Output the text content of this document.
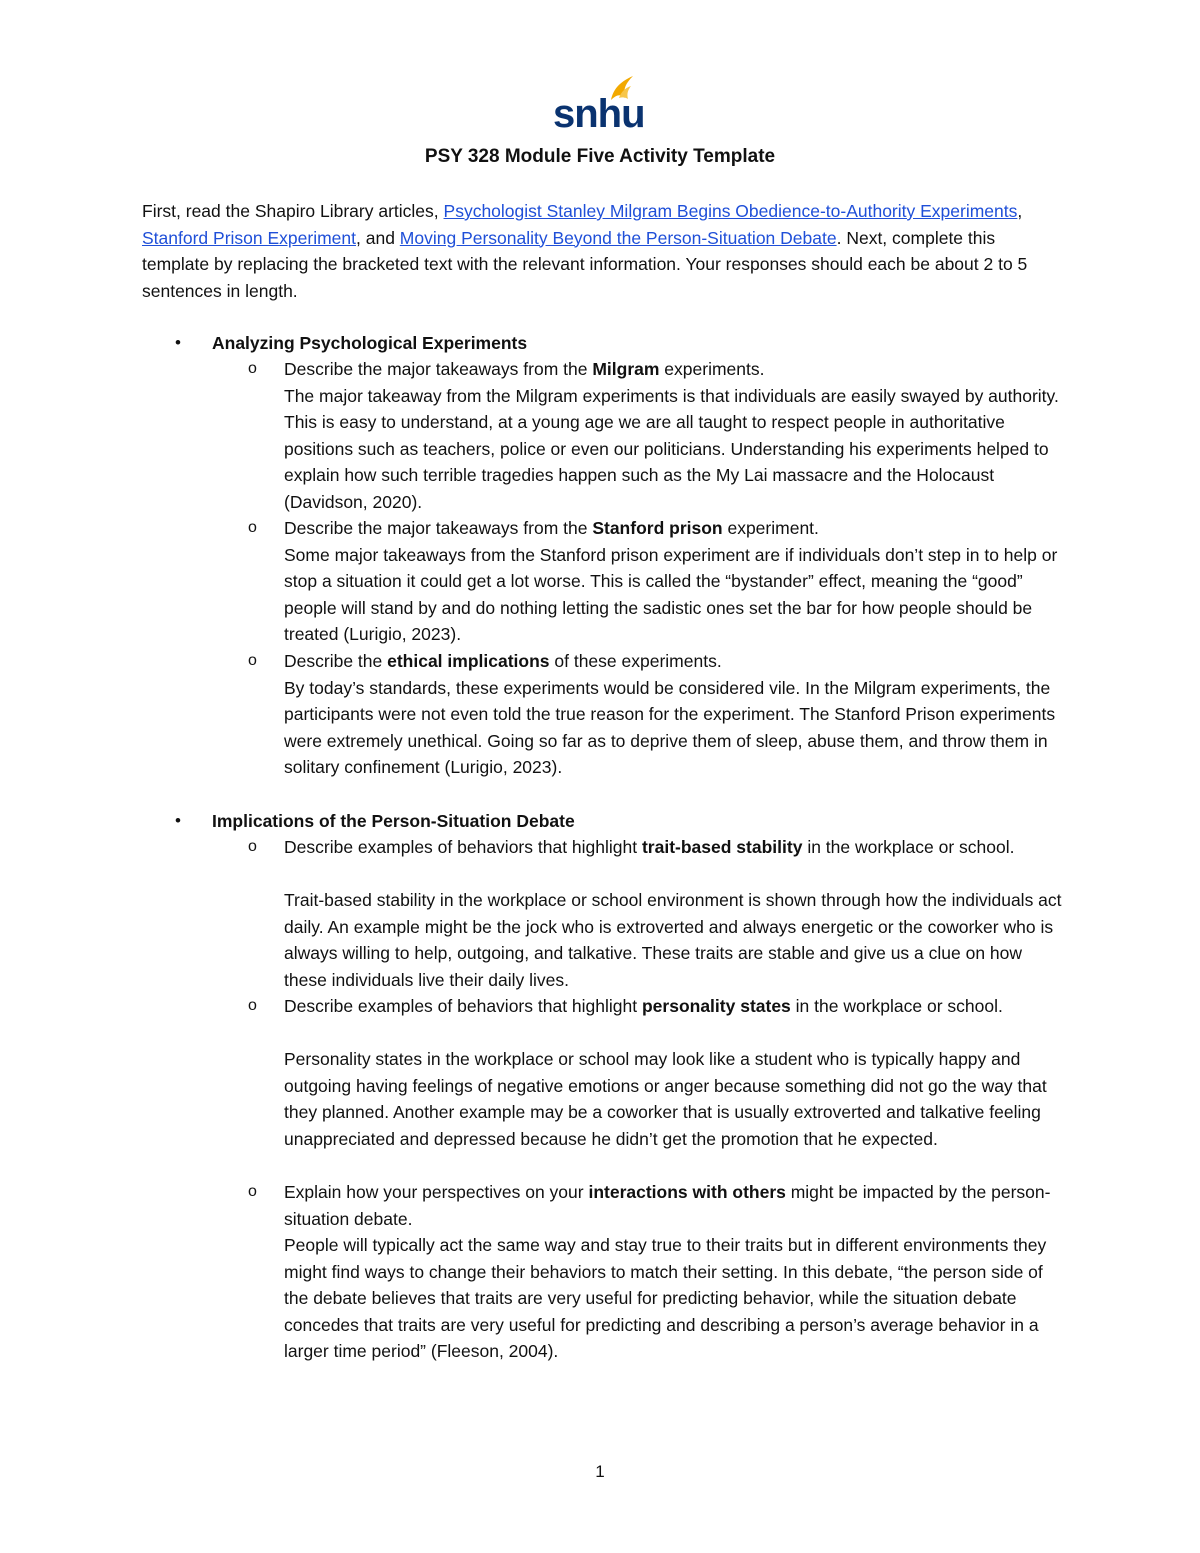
snhu
PSY 328 Module Five Activity Template
First, read the Shapiro Library articles, Psychologist Stanley Milgram Begins Obedience-to-Authority Experiments, Stanford Prison Experiment, and Moving Personality Beyond the Person-Situation Debate. Next, complete this template by replacing the bracketed text with the relevant information. Your responses should each be about 2 to 5 sentences in length.
• Analyzing Psychological Experiments
o Describe the major takeaways from the Milgram experiments.
The major takeaway from the Milgram experiments is that individuals are easily swayed by authority. This is easy to understand, at a young age we are all taught to respect people in authoritative positions such as teachers, police or even our politicians. Understanding his experiments helped to explain how such terrible tragedies happen such as the My Lai massacre and the Holocaust (Davidson, 2020).
o Describe the major takeaways from the Stanford prison experiment.
Some major takeaways from the Stanford prison experiment are if individuals don’t step in to help or stop a situation it could get a lot worse. This is called the “bystander” effect, meaning the “good” people will stand by and do nothing letting the sadistic ones set the bar for how people should be treated (Lurigio, 2023).
o Describe the ethical implications of these experiments.
By today’s standards, these experiments would be considered vile. In the Milgram experiments, the participants were not even told the true reason for the experiment. The Stanford Prison experiments were extremely unethical. Going so far as to deprive them of sleep, abuse them, and throw them in solitary confinement (Lurigio, 2023).
• Implications of the Person-Situation Debate
o Describe examples of behaviors that highlight trait-based stability in the workplace or school.
Trait-based stability in the workplace or school environment is shown through how the individuals act daily. An example might be the jock who is extroverted and always energetic or the coworker who is always willing to help, outgoing, and talkative. These traits are stable and give us a clue on how these individuals live their daily lives.
o Describe examples of behaviors that highlight personality states in the workplace or school.
Personality states in the workplace or school may look like a student who is typically happy and outgoing having feelings of negative emotions or anger because something did not go the way that they planned. Another example may be a coworker that is usually extroverted and talkative feeling unappreciated and depressed because he didn’t get the promotion that he expected.
o Explain how your perspectives on your interactions with others might be impacted by the person-situation debate.
People will typically act the same way and stay true to their traits but in different environments they might find ways to change their behaviors to match their setting. In this debate, “the person side of the debate believes that traits are very useful for predicting behavior, while the situation debate concedes that traits are very useful for predicting and describing a person’s average behavior in a larger time period” (Fleeson, 2004).
1
